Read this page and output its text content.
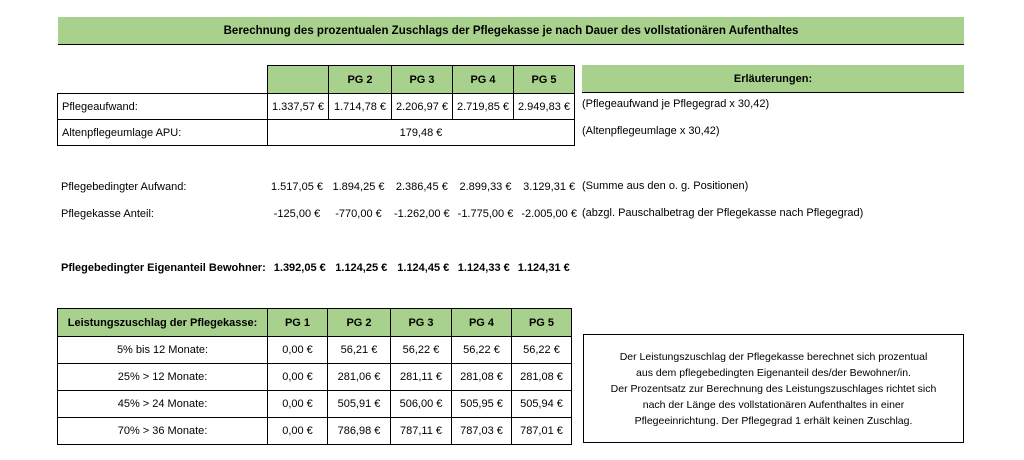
Berechnung des prozentualen Zuschlags der Pflegekasse je nach Dauer des vollstationären Aufenthaltes
		PG 2	PG 3	PG 4	PG 5
Pflegeaufwand:	1.337,57 €	1.714,78 €	2.206,97 €	2.719,85 €	2.949,83 €
Altenpflegeumlage APU:	179,48 €				
Erläuterungen:
(Pflegeaufwand je Pflegegrad x 30,42)
(Altenpflegeumlage x 30,42)
(Summe aus den o. g. Positionen)
(abzgl. Pauschalbetrag der Pflegekasse nach Pflegegrad)
Pflegebedingter Aufwand:	1.517,05 €	1.894,25 €	2.386,45 €	2.899,33 €	3.129,31 €
Pflegekasse Anteil:	-125,00 €	-770,00 €	-1.262,00 €	-1.775,00 €	-2.005,00 €
Pflegebedingter Eigenanteil Bewohner:	1.392,05 €	1.124,25 €	1.124,45 €	1.124,33 €	1.124,31 €
Leistungszuschlag der Pflegekasse:	PG 1	PG 2	PG 3	PG 4	PG 5
5% bis 12 Monate:	0,00 €	56,21 €	56,22 €	56,22 €	56,22 €
25% > 12 Monate:	0,00 €	281,06 €	281,11 €	281,08 €	281,08 €
45% > 24 Monate:	0,00 €	505,91 €	506,00 €	505,95 €	505,94 €
70% > 36 Monate:	0,00 €	786,98 €	787,11 €	787,03 €	787,01 €
Der Leistungszuschlag der Pflegekasse berechnet sich prozentual
aus dem pflegebedingten Eigenanteil des/der Bewohner/in.
Der Prozentsatz zur Berechnung des Leistungszuschlages richtet sich
nach der Länge des vollstationären Aufenthaltes in einer
Pflegeeinrichtung. Der Pflegegrad 1 erhält keinen Zuschlag.
